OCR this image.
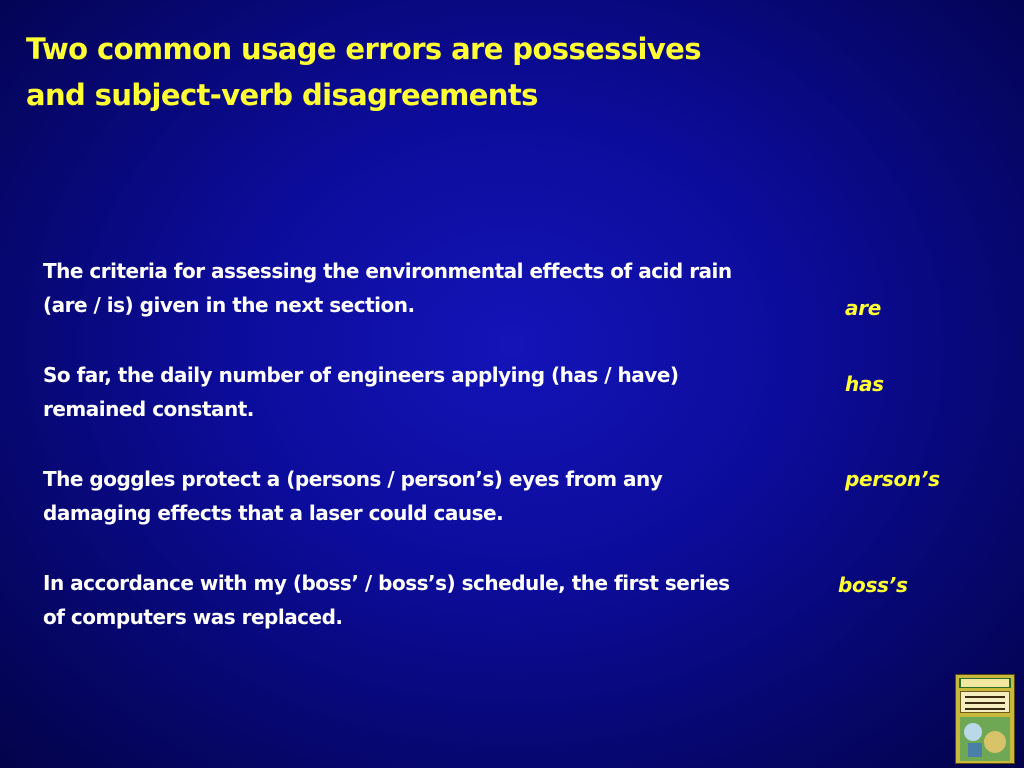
Two common usage errors are possessives
and subject-verb disagreements
The criteria for assessing the environmental effects of acid rain
(are / is) given in the next section.	are
So far, the daily number of engineers applying (has / have)
remained constant.
has
The goggles protect a (persons / person’s) eyes from any
damaging effects that a laser could cause.
person’s
In accordance with my (boss’ / boss’s) schedule, the first series
of computers was replaced.
boss’s
